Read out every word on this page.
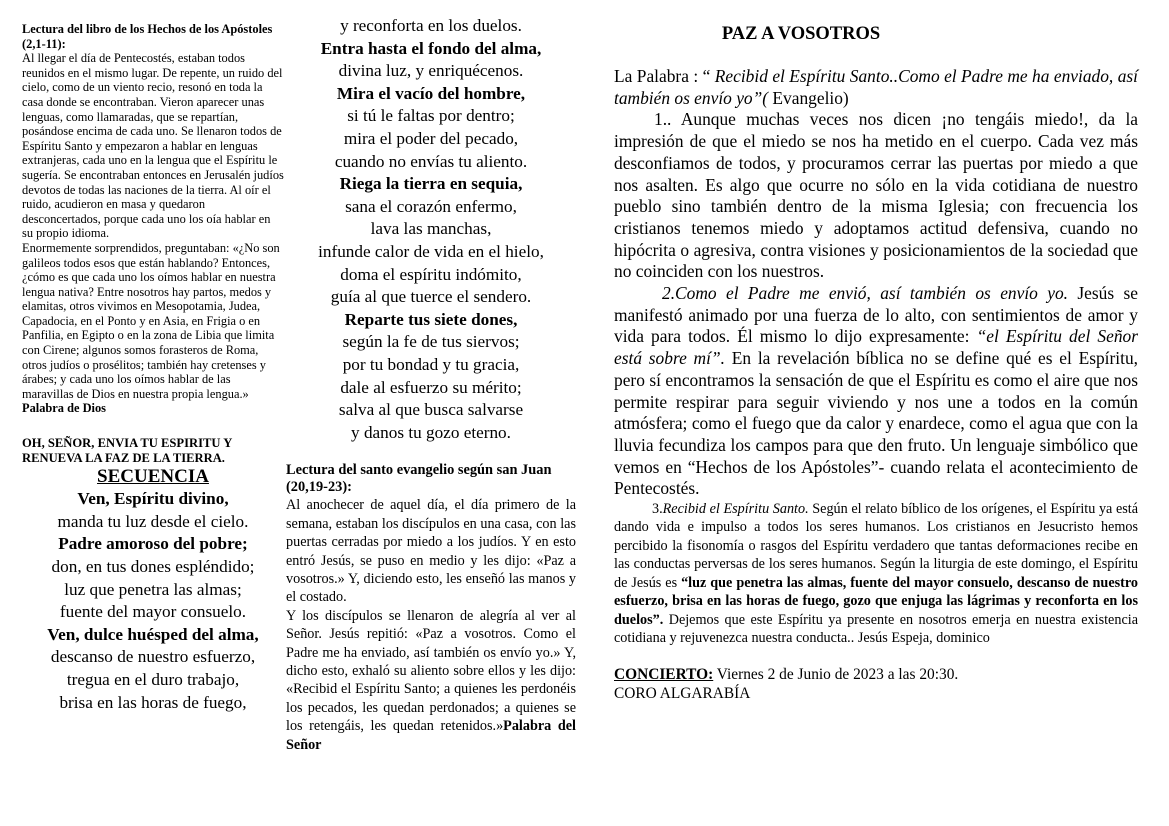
Lectura del libro de los Hechos de los Apóstoles (2,1-11):

Al llegar el día de Pentecostés, estaban todos reunidos en el mismo lugar. De repente, un ruido del cielo, como de un viento recio, resonó en toda la casa donde se encontraban. Vieron aparecer unas lenguas, como llamaradas, que se repartían, posándose encima de cada uno. Se llenaron todos de Espíritu Santo y empezaron a hablar en lenguas extranjeras, cada uno en la lengua que el Espíritu le sugería. Se encontraban entonces en Jerusalén judíos devotos de todas las naciones de la tierra. Al oír el ruido, acudieron en masa y quedaron desconcertados, porque cada uno los oía hablar en su propio idioma.

Enormemente sorprendidos, preguntaban: «¿No son galileos todos esos que están hablando? Entonces, ¿cómo es que cada uno los oímos hablar en nuestra lengua nativa? Entre nosotros hay partos, medos y elamitas, otros vivimos en Mesopotamia, Judea, Capadocia, en el Ponto y en Asia, en Frigia o en Panfilia, en Egipto o en la zona de Libia que limita con Cirene; algunos somos forasteros de Roma, otros judíos o prosélitos; también hay cretenses y árabes; y cada uno los oímos hablar de las maravillas de Dios en nuestra propia lengua.»

Palabra de Dios

OH, SEÑOR, ENVIA TU ESPIRITU Y RENUEVA LA FAZ DE LA TIERRA.

SECUENCIA

Ven, Espíritu divino,

manda tu luz desde el cielo.

Padre amoroso del pobre;

don, en tus dones espléndido;

luz que penetra las almas;

fuente del mayor consuelo.

Ven, dulce huésped del alma,

descanso de nuestro esfuerzo,

tregua en el duro trabajo,

brisa en las horas de fuego,

y reconforta en los duelos.

Entra hasta el fondo del alma,

divina luz, y enriquécenos.

Mira el vacío del hombre,

si tú le faltas por dentro;

mira el poder del pecado,

cuando no envías tu aliento.

Riega la tierra en sequia,

sana el corazón enfermo,

lava las manchas,

infunde calor de vida en el hielo,

doma el espíritu indómito,

guía al que tuerce el sendero.

Reparte tus siete dones,

según la fe de tus siervos;

por tu bondad y tu gracia,

dale al esfuerzo su mérito;

salva al que busca salvarse

y danos tu gozo eterno.

Lectura del santo evangelio según san Juan (20,19-23):

Al anochecer de aquel día, el día primero de la semana, estaban los discípulos en una casa, con las puertas cerradas por miedo a los judíos. Y en esto entró Jesús, se puso en medio y les dijo: «Paz a vosotros.» Y, diciendo esto, les enseñó las manos y el costado.

Y los discípulos se llenaron de alegría al ver al Señor. Jesús repitió: «Paz a vosotros. Como el Padre me ha enviado, así también os envío yo.» Y, dicho esto, exhaló su aliento sobre ellos y les dijo: «Recibid el Espíritu Santo; a quienes les perdonéis los pecados, les quedan perdonados; a quienes se los retengáis, les quedan retenidos.»Palabra del Señor

PAZ A VOSOTROS

La Palabra : “ Recibid el Espíritu Santo..Como el Padre me ha enviado, así también os envío yo”( Evangelio)

1.. Aunque muchas veces nos dicen ¡no tengáis miedo!, da la impresión de que el miedo se nos ha metido en el cuerpo. Cada vez más desconfiamos de todos, y procuramos cerrar las puertas por miedo a que nos asalten. Es algo que ocurre no sólo en la vida cotidiana de nuestro pueblo sino también dentro de la misma Iglesia; con frecuencia los cristianos tenemos miedo y adoptamos actitud defensiva, cuando no hipócrita o agresiva, contra visiones y posicionamientos de la sociedad que no coinciden con los nuestros.

2.Como el Padre me envió, así también os envío yo. Jesús se manifestó animado por una fuerza de lo alto, con sentimientos de amor y vida para todos. Él mismo lo dijo expresamente: “el Espíritu del Señor está sobre mí”. En la revelación bíblica no se define qué es el Espíritu, pero sí encontramos la sensación de que el Espíritu es como el aire que nos permite respirar para seguir viviendo y nos une a todos en la común atmósfera; como el fuego que da calor y enardece, como el agua que con la lluvia fecundiza los campos para que den fruto. Un lenguaje simbólico que vemos en “Hechos de los Apóstoles”- cuando relata el acontecimiento de Pentecostés.

3.Recibid el Espíritu Santo. Según el relato bíblico de los orígenes, el Espíritu ya está dando vida e impulso a todos los seres humanos. Los cristianos en Jesucristo hemos percibido la fisonomía o rasgos del Espíritu verdadero que tantas deformaciones recibe en las conductas perversas de los seres humanos. Según la liturgia de este domingo, el Espíritu de Jesús es “luz que penetra las almas, fuente del mayor consuelo, descanso de nuestro esfuerzo, brisa en las horas de fuego, gozo que enjuga las lágrimas y reconforta en los duelos”. Dejemos que este Espíritu ya presente en nosotros emerja en nuestra existencia cotidiana y rejuvenezca nuestra conducta.. Jesús Espeja, dominico

CONCIERTO: Viernes 2 de Junio de 2023 a las 20:30.

CORO ALGARABÍA
